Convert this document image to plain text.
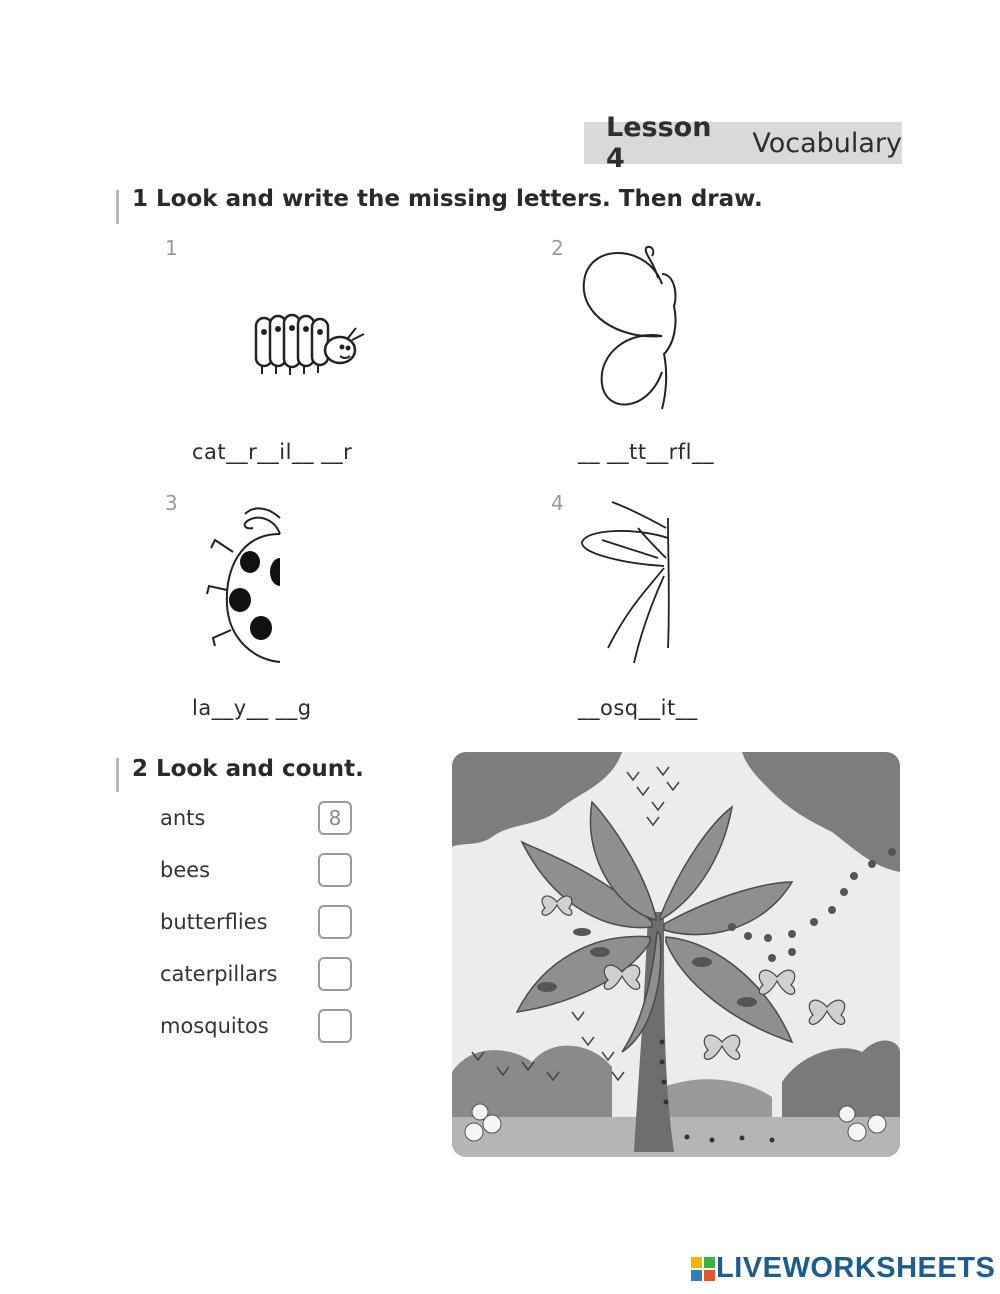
Lesson 4	Vocabulary
1 Look and write the missing letters. Then draw.
1	2
3	4
cat__r__il__ __r	__ __tt__rfl__
la__y__ __g	__osq__it__
2 Look and count.
ants	8
bees
butterflies
caterpillars
mosquitos
LIVEWORKSHEETS
